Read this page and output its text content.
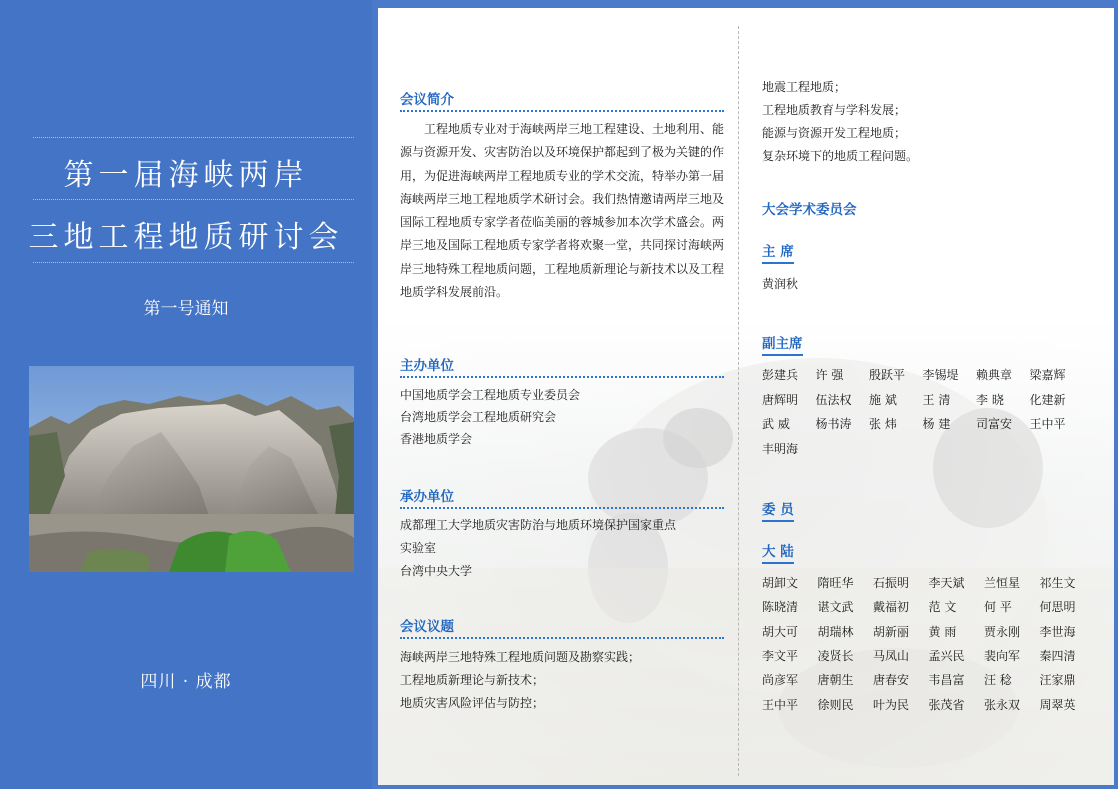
第一届海峡两岸
三地工程地质研讨会
第一号通知
四川 · 成都
会议简介
工程地质专业对于海峡两岸三地工程建设、土地利用、能源与资源开发、灾害防治以及环境保护都起到了极为关键的作用，为促进海峡两岸工程地质专业的学术交流，特举办第一届海峡两岸三地工程地质学术研讨会。我们热情邀请两岸三地及国际工程地质专家学者莅临美丽的蓉城参加本次学术盛会。两岸三地及国际工程地质专家学者将欢聚一堂，共同探讨海峡两岸三地特殊工程地质问题，工程地质新理论与新技术以及工程地质学科发展前沿。
主办单位
中国地质学会工程地质专业委员会
台湾地质学会工程地质研究会
香港地质学会
承办单位
成都理工大学地质灾害防治与地质环境保护国家重点
实验室
台湾中央大学
会议议题
海峡两岸三地特殊工程地质问题及勘察实践；
工程地质新理论与新技术；
地质灾害风险评估与防控；
地震工程地质；
工程地质教育与学科发展；
能源与资源开发工程地质；
复杂环境下的地质工程问题。
大会学术委员会
主 席
黄润秋
副主席
彭建兵 许 强 殷跃平 李锡堤 赖典章 梁嘉辉
唐辉明 伍法权 施 斌 王 清 李 晓 化建新
武 威 杨书涛 张 炜 杨 建 司富安 王中平
丰明海
委 员
大 陆
胡卸文 隋旺华 石振明 李天斌 兰恒星 祁生文
陈晓清 谌文武 戴福初 范 文 何 平 何思明
胡大可 胡瑞林 胡新丽 黄 雨 贾永刚 李世海
李文平 凌贤长 马凤山 孟兴民 裴向军 秦四清
尚彦军 唐朝生 唐春安 韦昌富 汪 稔 汪家鼎
王中平 徐则民 叶为民 张茂省 张永双 周翠英
